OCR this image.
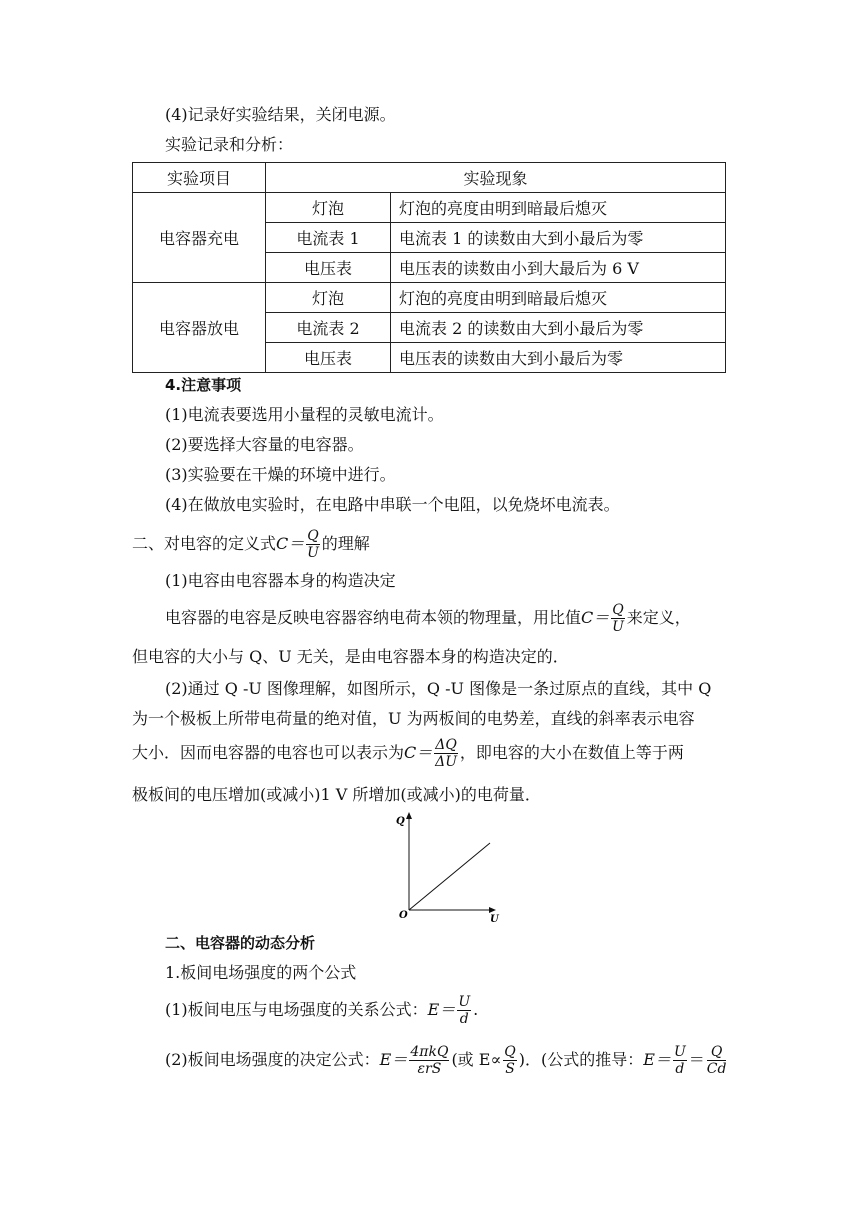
(4)记录好实验结果，关闭电源。
实验记录和分析：
实验项目	实验现象	
电容器充电	灯泡	灯泡的亮度由明到暗最后熄灭
	电流表 1	电流表 1 的读数由大到小最后为零
	电压表	电压表的读数由小到大最后为 6 V
电容器放电	灯泡	灯泡的亮度由明到暗最后熄灭
	电流表 2	电流表 2 的读数由大到小最后为零
	电压表	电压表的读数由大到小最后为零
4.注意事项
(1)电流表要选用小量程的灵敏电流计。
(2)要选择大容量的电容器。
(3)实验要在干燥的环境中进行。
(4)在做放电实验时，在电路中串联一个电阻，以免烧坏电流表。
二、对电容的定义式$C= \frac{Q}{U}$ 的理解
(1)电容由电容器本身的构造决定
电容器的电容是反映电容器容纳电荷本领的物理量，用比值$C= \frac{Q}{U}$ 来定义，
但电容的大小与 Q、U 无关，是由电容器本身的构造决定的．
(2)通过 Q -U 图像理解，如图所示，Q -U 图像是一条过原点的直线，其中 Q
为一个极板上所带电荷量的绝对值，U 为两板间的电势差，直线的斜率表示电容
大小．因而电容器的电容也可以表示为$C= \frac{\Delta Q}{\Delta U}$ ，即电容的大小在数值上等于两
极板间的电压增加(或减小)1 V 所增加(或减小)的电荷量．
Q
U
O
二、电容器的动态分析
1.板间电场强度的两个公式
(1)板间电压与电场强度的关系公式：$E= \frac{U}{d}$ .
(2)板间电场强度的决定公式：$E= \frac{\text{4πkQ}}{\text{εrS}}$ (或 $E\propto \frac{Q}{S}$ )．(公式的推导：$E= \frac{U}{d} = \frac{Q}{Cd}$
